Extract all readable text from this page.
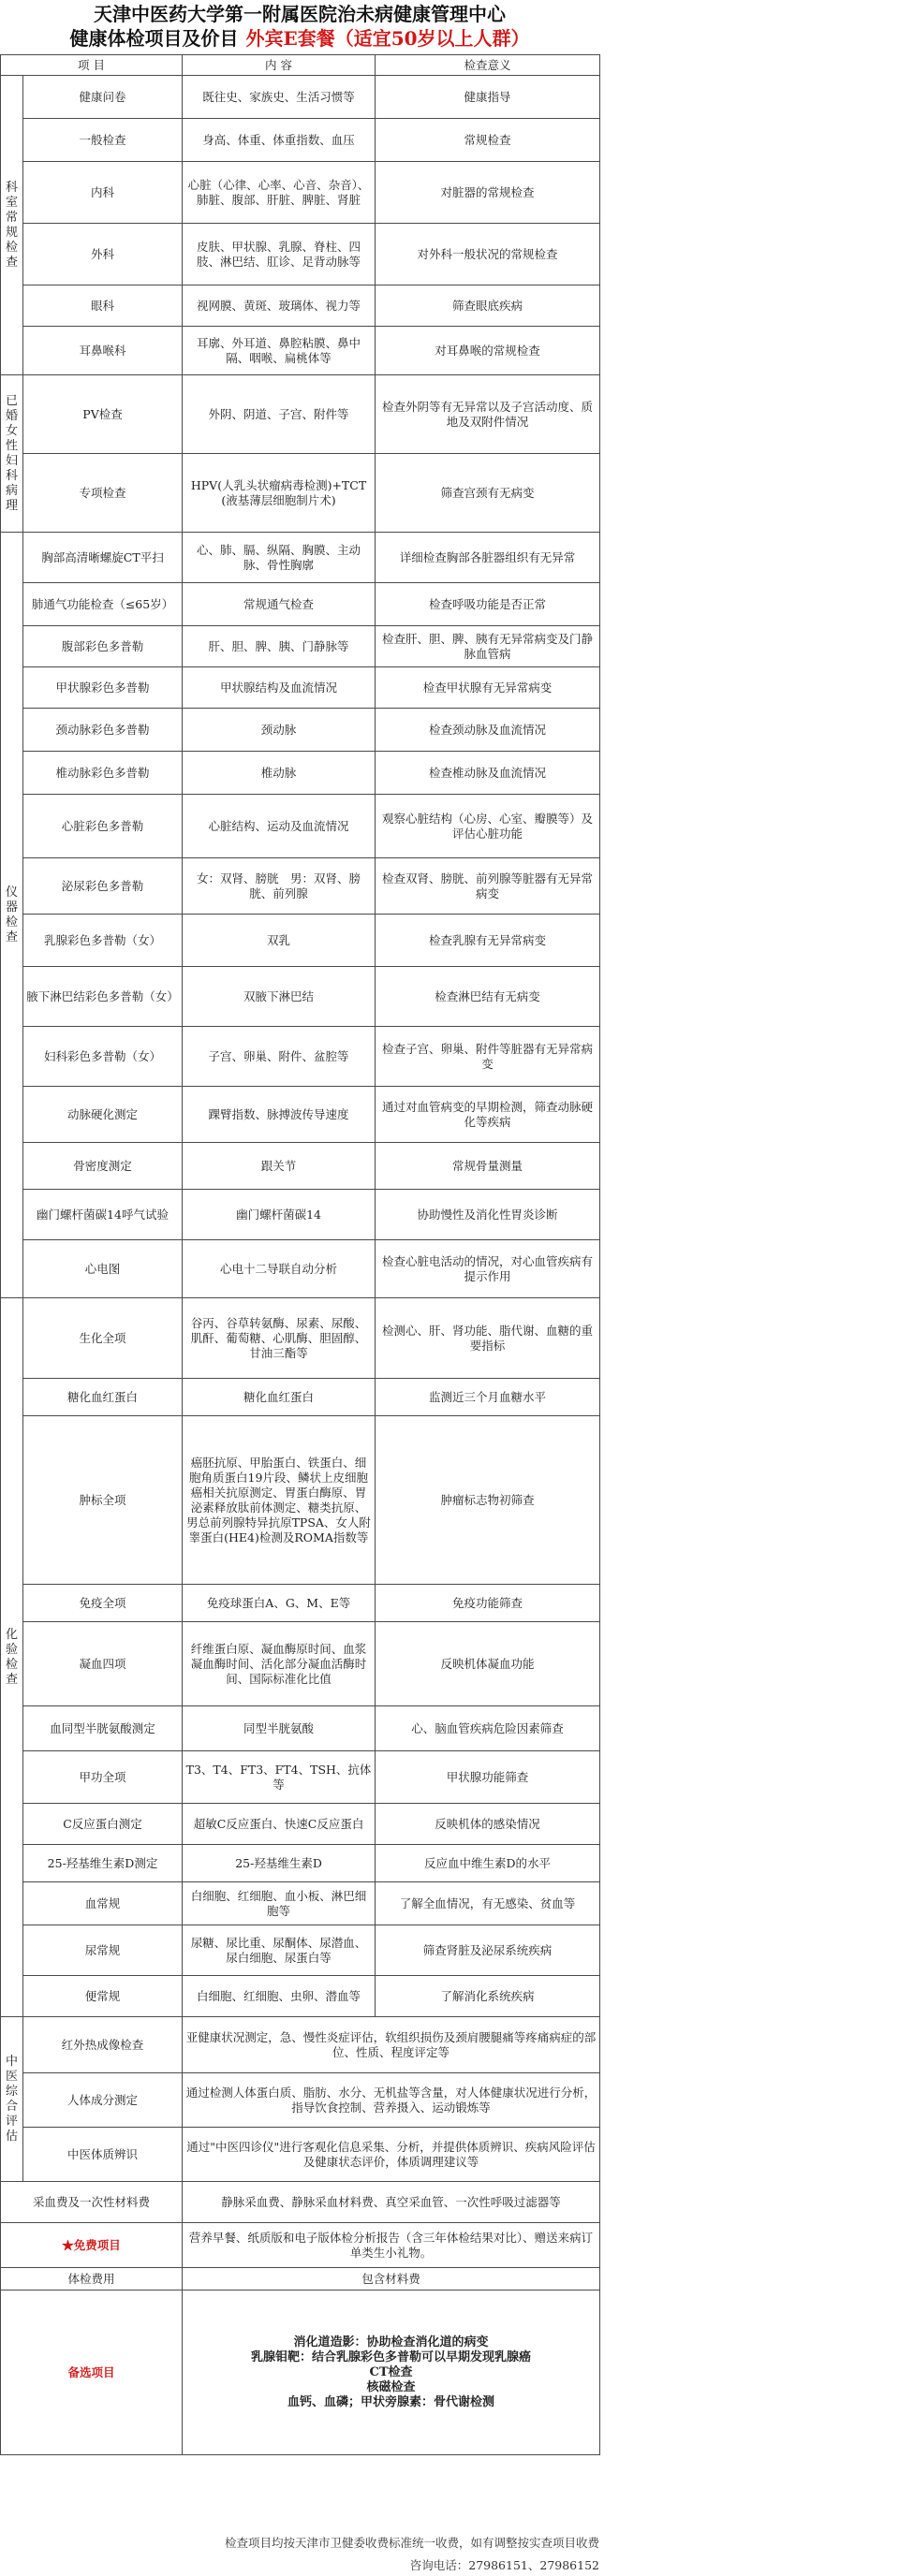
天津中医药大学第一附属医院治未病健康管理中心
健康体检项目及价目 外宾E套餐（适宜50岁以上人群）
项 目		内 容	检查意义
科室常规检查	健康问卷	既往史、家族史、生活习惯等	健康指导
	一般检查	身高、体重、体重指数、血压	常规检查
	内科	心脏（心律、心率、心音、杂音）、肺脏、腹部、肝脏、脾脏、肾脏	对脏器的常规检查
	外科	皮肤、甲状腺、乳腺、脊柱、四肢、淋巴结、肛诊、足背动脉等	对外科一般状况的常规检查
	眼科	视网膜、黄斑、玻璃体、视力等	筛查眼底疾病
	耳鼻喉科	耳廓、外耳道、鼻腔粘膜、鼻中隔、咽喉、扁桃体等	对耳鼻喉的常规检查
已婚女性妇科病理	PV检查	外阴、阴道、子宫、附件等	检查外阴等有无异常以及子宫活动度、质地及双附件情况
	专项检查	HPV(人乳头状瘤病毒检测)+TCT(液基薄层细胞制片术)	筛查宫颈有无病变
仪器检查	胸部高清晰螺旋CT平扫	心、肺、膈、纵隔、胸膜、主动脉、骨性胸廓	详细检查胸部各脏器组织有无异常
	肺通气功能检查（≤65岁）	常规通气检查	检查呼吸功能是否正常
	腹部彩色多普勒	肝、胆、脾、胰、门静脉等	检查肝、胆、脾、胰有无异常病变及门静脉血管病
	甲状腺彩色多普勒	甲状腺结构及血流情况	检查甲状腺有无异常病变
	颈动脉彩色多普勒	颈动脉	检查颈动脉及血流情况
	椎动脉彩色多普勒	椎动脉	检查椎动脉及血流情况
	心脏彩色多普勒	心脏结构、运动及血流情况	观察心脏结构（心房、心室、瓣膜等）及评估心脏功能
	泌尿彩色多普勒	女：双肾、膀胱　男：双肾、膀胱、前列腺	检查双肾、膀胱、前列腺等脏器有无异常病变
	乳腺彩色多普勒（女）	双乳	检查乳腺有无异常病变
	腋下淋巴结彩色多普勒（女）	双腋下淋巴结	检查淋巴结有无病变
	妇科彩色多普勒（女）	子宫、卵巢、附件、盆腔等	检查子宫、卵巢、附件等脏器有无异常病变
	动脉硬化测定	踝臂指数、脉搏波传导速度	通过对血管病变的早期检测，筛查动脉硬化等疾病
	骨密度测定	跟关节	常规骨量测量
	幽门螺杆菌碳14呼气试验	幽门螺杆菌碳14	协助慢性及消化性胃炎诊断
	心电图	心电十二导联自动分析	检查心脏电活动的情况，对心血管疾病有提示作用
化验检查	生化全项	谷丙、谷草转氨酶、尿素、尿酸、肌酐、葡萄糖、心肌酶、胆固醇、甘油三酯等	检测心、肝、肾功能、脂代谢、血糖的重要指标
	糖化血红蛋白	糖化血红蛋白	监测近三个月血糖水平
	肿标全项	癌胚抗原、甲胎蛋白、铁蛋白、细胞角质蛋白19片段、鳞状上皮细胞癌相关抗原测定、胃蛋白酶原、胃泌素释放肽前体测定、糖类抗原、男总前列腺特异抗原TPSA、女人附睾蛋白(HE4)检测及ROMA指数等	肿瘤标志物初筛查
	免疫全项	免疫球蛋白A、G、M、E等	免疫功能筛查
	凝血四项	纤维蛋白原、凝血酶原时间、血浆凝血酶时间、活化部分凝血活酶时间、国际标准化比值	反映机体凝血功能
	血同型半胱氨酸测定	同型半胱氨酸	心、脑血管疾病危险因素筛查
	甲功全项	T3、T4、FT3、FT4、TSH、抗体等	甲状腺功能筛查
	C反应蛋白测定	超敏C反应蛋白、快速C反应蛋白	反映机体的感染情况
	25-羟基维生素D测定	25-羟基维生素D	反应血中维生素D的水平
	血常规	白细胞、红细胞、血小板、淋巴细胞等	了解全血情况，有无感染、贫血等
	尿常规	尿糖、尿比重、尿酮体、尿潜血、尿白细胞、尿蛋白等	筛查肾脏及泌尿系统疾病
	便常规	白细胞、红细胞、虫卵、潜血等	了解消化系统疾病
中医综合评估	红外热成像检查	亚健康状况测定，急、慢性炎症评估，软组织损伤及颈肩腰腿痛等疼痛病症的部位、性质、程度评定等	
	人体成分测定	通过检测人体蛋白质、脂肪、水分、无机盐等含量，对人体健康状况进行分析，指导饮食控制、营养摄入、运动锻炼等	
	中医体质辨识	通过"中医四诊仪"进行客观化信息采集、分析，并提供体质辨识、疾病风险评估及健康状态评价，体质调理建议等	
采血费及一次性材料费		静脉采血费、静脉采血材料费、真空采血管、一次性呼吸过滤器等	
★免费项目		营养早餐、纸质版和电子版体检分析报告（含三年体检结果对比）、赠送来病订单类生小礼物。	
体检费用		包含材料费	
备选项目		消化道造影：协助检查消化道的病变
乳腺钼靶：结合乳腺彩色多普勒可以早期发现乳腺癌
CT检查
核磁检查
血钙、血磷；甲状旁腺素：骨代谢检测	
检查项目均按天津市卫健委收费标准统一收费，如有调整按实查项目收费
咨询电话：27986151、27986152
